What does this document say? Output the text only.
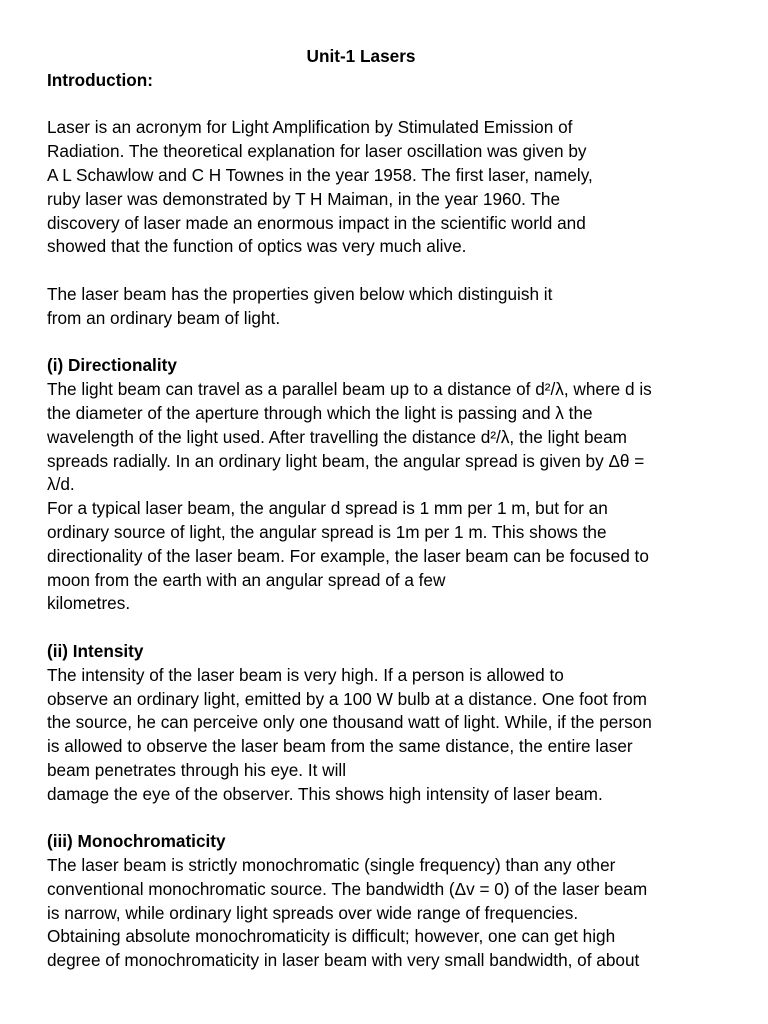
Unit-1 Lasers

Introduction:

Laser is an acronym for Light Amplification by Stimulated Emission of
Radiation. The theoretical explanation for laser oscillation was given by
A L Schawlow and C H Townes in the year 1958. The first laser, namely,
ruby laser was demonstrated by T H Maiman, in the year 1960. The
discovery of laser made an enormous impact in the scientific world and
showed that the function of optics was very much alive.
The laser beam has the properties given below which distinguish it
from an ordinary beam of light.

(i) Directionality

The light beam can travel as a parallel beam up to a distance of d²/λ, where d is
the diameter of the aperture through which the light is passing and λ the
wavelength of the light used. After travelling the distance d²/λ, the light beam
spreads radially. In an ordinary light beam, the angular spread is given by Δθ =
λ/d.
For a typical laser beam, the angular d spread is 1 mm per 1 m, but for an
ordinary source of light, the angular spread is 1m per 1 m. This shows the
directionality of the laser beam. For example, the laser beam can be focused to
moon from the earth with an angular spread of a few
kilometres.

(ii) Intensity

The intensity of the laser beam is very high. If a person is allowed to
observe an ordinary light, emitted by a 100 W bulb at a distance. One foot from
the source, he can perceive only one thousand watt of light. While, if the person
is allowed to observe the laser beam from the same distance, the entire laser
beam penetrates through his eye. It will
damage the eye of the observer. This shows high intensity of laser beam.

(iii) Monochromaticity

The laser beam is strictly monochromatic (single frequency) than any other
conventional monochromatic source. The bandwidth (Δv = 0) of the laser beam
is narrow, while ordinary light spreads over wide range of frequencies.
Obtaining absolute monochromaticity is difficult; however, one can get high
degree of monochromaticity in laser beam with very small bandwidth, of about
